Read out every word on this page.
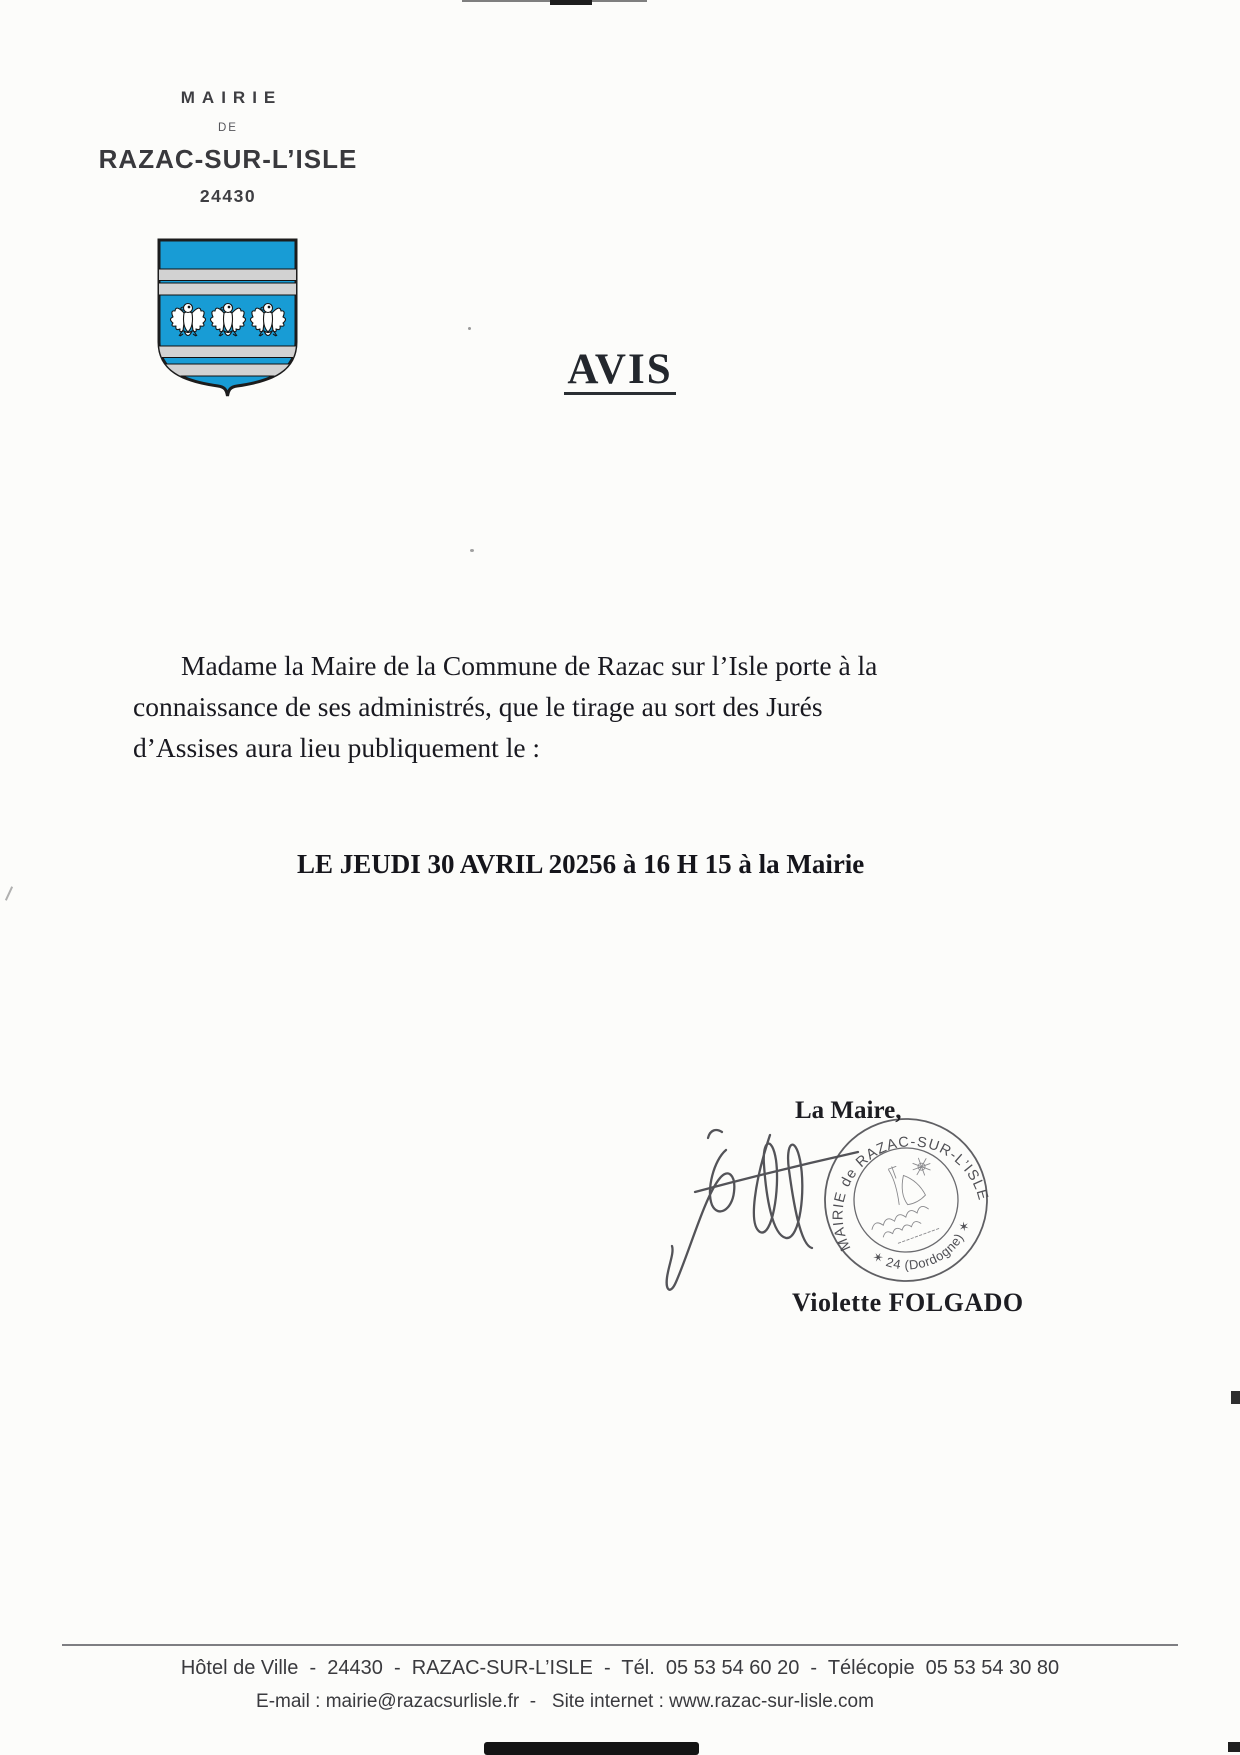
MAIRIE
DE
RAZAC-SUR-L’ISLE
24430
AVIS
Madame la Maire de la Commune de Razac sur l’Isle porte à la
connaissance de ses administrés, que le tirage au sort des Jurés
d’Assises aura lieu publiquement le :
LE JEUDI 30 AVRIL 20256 à 16 H 15 à la Mairie
MAIRIE de RAZAC-SUR-L’ISLE
✶ 24 (Dordogne) ✶
La Maire,
Violette FOLGADO
Hôtel de Ville  -  24430  -  RAZAC-SUR-L’ISLE  -  Tél.  05 53 54 60 20  -  Télécopie  05 53 54 30 80
E-mail : mairie@razacsurlisle.fr  -   Site internet : www.razac-sur-lisle.com
